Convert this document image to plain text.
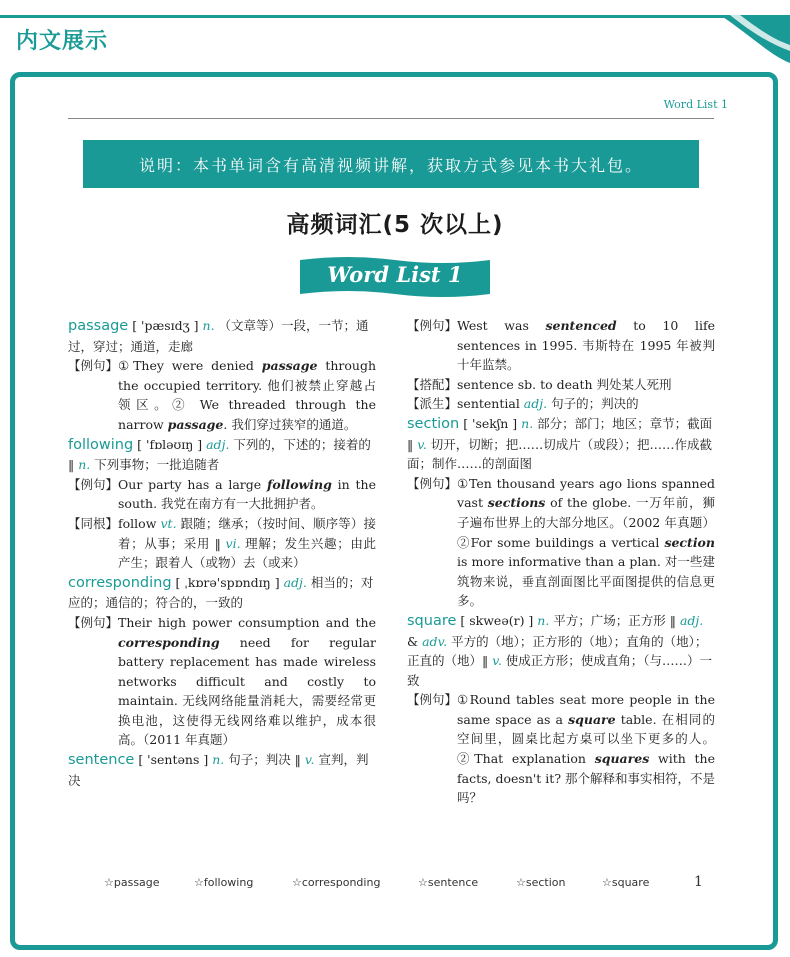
内文展示
Word List 1
说明：本书单词含有高清视频讲解，获取方式参见本书大礼包。
高频词汇(5 次以上)
Word List 1
passage [ 'pæsɪdʒ ] n. （文章等）一段，一节；通过，穿过；通道，走廊
【例句】 ①They were denied passage through the occupied territory. 他们被禁止穿越占领区。② We threaded through the narrow passage. 我们穿过狭窄的通道。
following [ 'fɒləʊɪŋ ] adj. 下列的，下述的；接着的 ‖ n. 下列事物；一批追随者
【例句】 Our party has a large following in the south. 我党在南方有一大批拥护者。
【同根】 follow vt. 跟随；继承；（按时间、顺序等）接着；从事；采用 ‖ vi. 理解；发生兴趣；由此产生；跟着人（或物）去（或来）
corresponding [ ˌkɒrə'spɒndɪŋ ] adj. 相当的；对应的；通信的；符合的，一致的
【例句】 Their high power consumption and the corresponding need for regular battery replacement has made wireless networks difficult and costly to maintain. 无线网络能量消耗大，需要经常更换电池，这使得无线网络难以维护，成本很高。（2011 年真题）
sentence [ 'sentəns ] n. 句子；判决 ‖ v. 宣判，判决
【例句】 West was sentenced to 10 life sentences in 1995. 韦斯特在 1995 年被判十年监禁。
【搭配】 sentence sb. to death 判处某人死刑
【派生】 sentential adj. 句子的；判决的
section [ 'sekʃn ] n. 部分；部门；地区；章节；截面 ‖ v. 切开，切断；把……切成片（或段）；把……作成截面；制作……的剖面图
【例句】 ①Ten thousand years ago lions spanned vast sections of the globe. 一万年前，狮子遍布世界上的大部分地区。（2002 年真题）②For some buildings a vertical section is more informative than a plan. 对一些建筑物来说，垂直剖面图比平面图提供的信息更多。
square [ skweə(r) ] n. 平方；广场；正方形 ‖ adj. & adv. 平方的（地）；正方形的（地）；直角的（地）；正直的（地）‖ v. 使成正方形；使成直角；（与……）一致
【例句】 ①Round tables seat more people in the same space as a square table. 在相同的空间里，圆桌比起方桌可以坐下更多的人。②That explanation squares with the facts, doesn't it? 那个解释和事实相符，不是吗？
☆passage	☆following	☆corresponding	☆sentence	☆section	☆square	1
